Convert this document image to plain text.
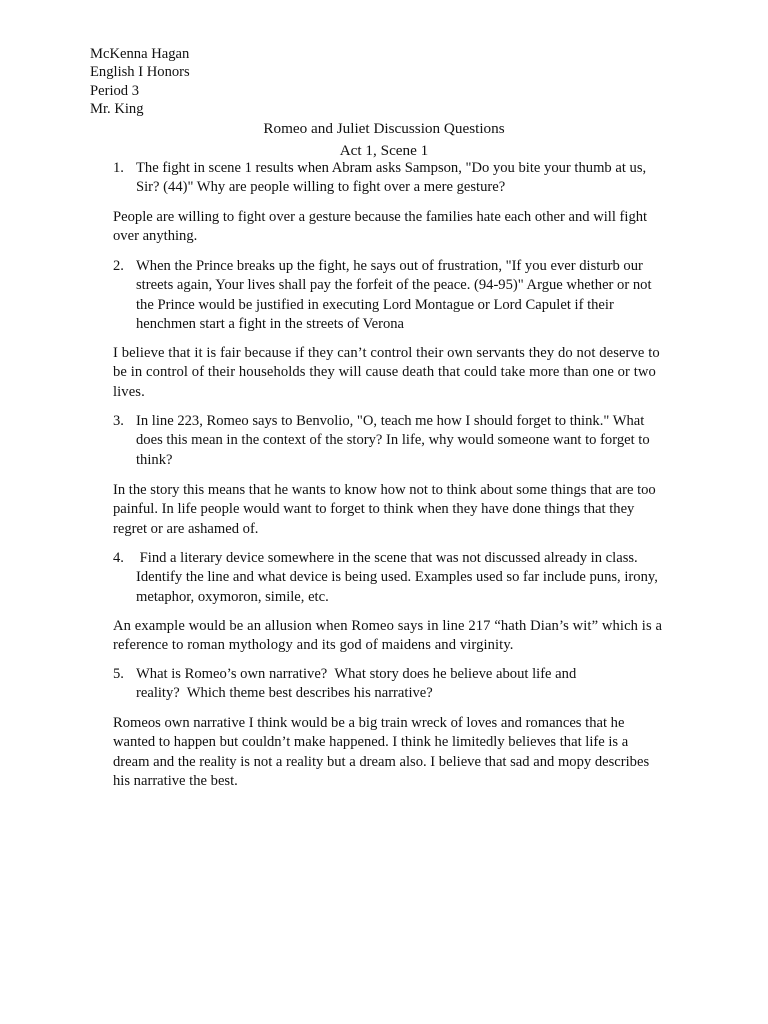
McKenna Hagan
English I Honors
Period 3
Mr. King
Romeo and Juliet Discussion Questions
Act 1, Scene 1
1. The fight in scene 1 results when Abram asks Sampson, "Do you bite your thumb at us,
Sir? (44)" Why are people willing to fight over a mere gesture?
People are willing to fight over a gesture because the families hate each other and will fight
over anything.
2. When the Prince breaks up the fight, he says out of frustration, "If you ever disturb our
streets again, Your lives shall pay the forfeit of the peace. (94-95)" Argue whether or not
the Prince would be justified in executing Lord Montague or Lord Capulet if their
henchmen start a fight in the streets of Verona
I believe that it is fair because if they can’t control their own servants they do not deserve to
be in control of their households they will cause death that could take more than one or two
lives.
3. In line 223, Romeo says to Benvolio, "O, teach me how I should forget to think." What
does this mean in the context of the story? In life, why would someone want to forget to
think?
In the story this means that he wants to know how not to think about some things that are too
painful. In life people would want to forget to think when they have done things that they
regret or are ashamed of.
4. Find a literary device somewhere in the scene that was not discussed already in class.
Identify the line and what device is being used. Examples used so far include puns, irony,
metaphor, oxymoron, simile, etc.
An example would be an allusion when Romeo says in line 217 “hath Dian’s wit” which is a
reference to roman mythology and its god of maidens and virginity.
5. What is Romeo’s own narrative?  What story does he believe about life and
reality?  Which theme best describes his narrative?
Romeos own narrative I think would be a big train wreck of loves and romances that he
wanted to happen but couldn’t make happened. I think he limitedly believes that life is a
dream and the reality is not a reality but a dream also. I believe that sad and mopy describes
his narrative the best.
